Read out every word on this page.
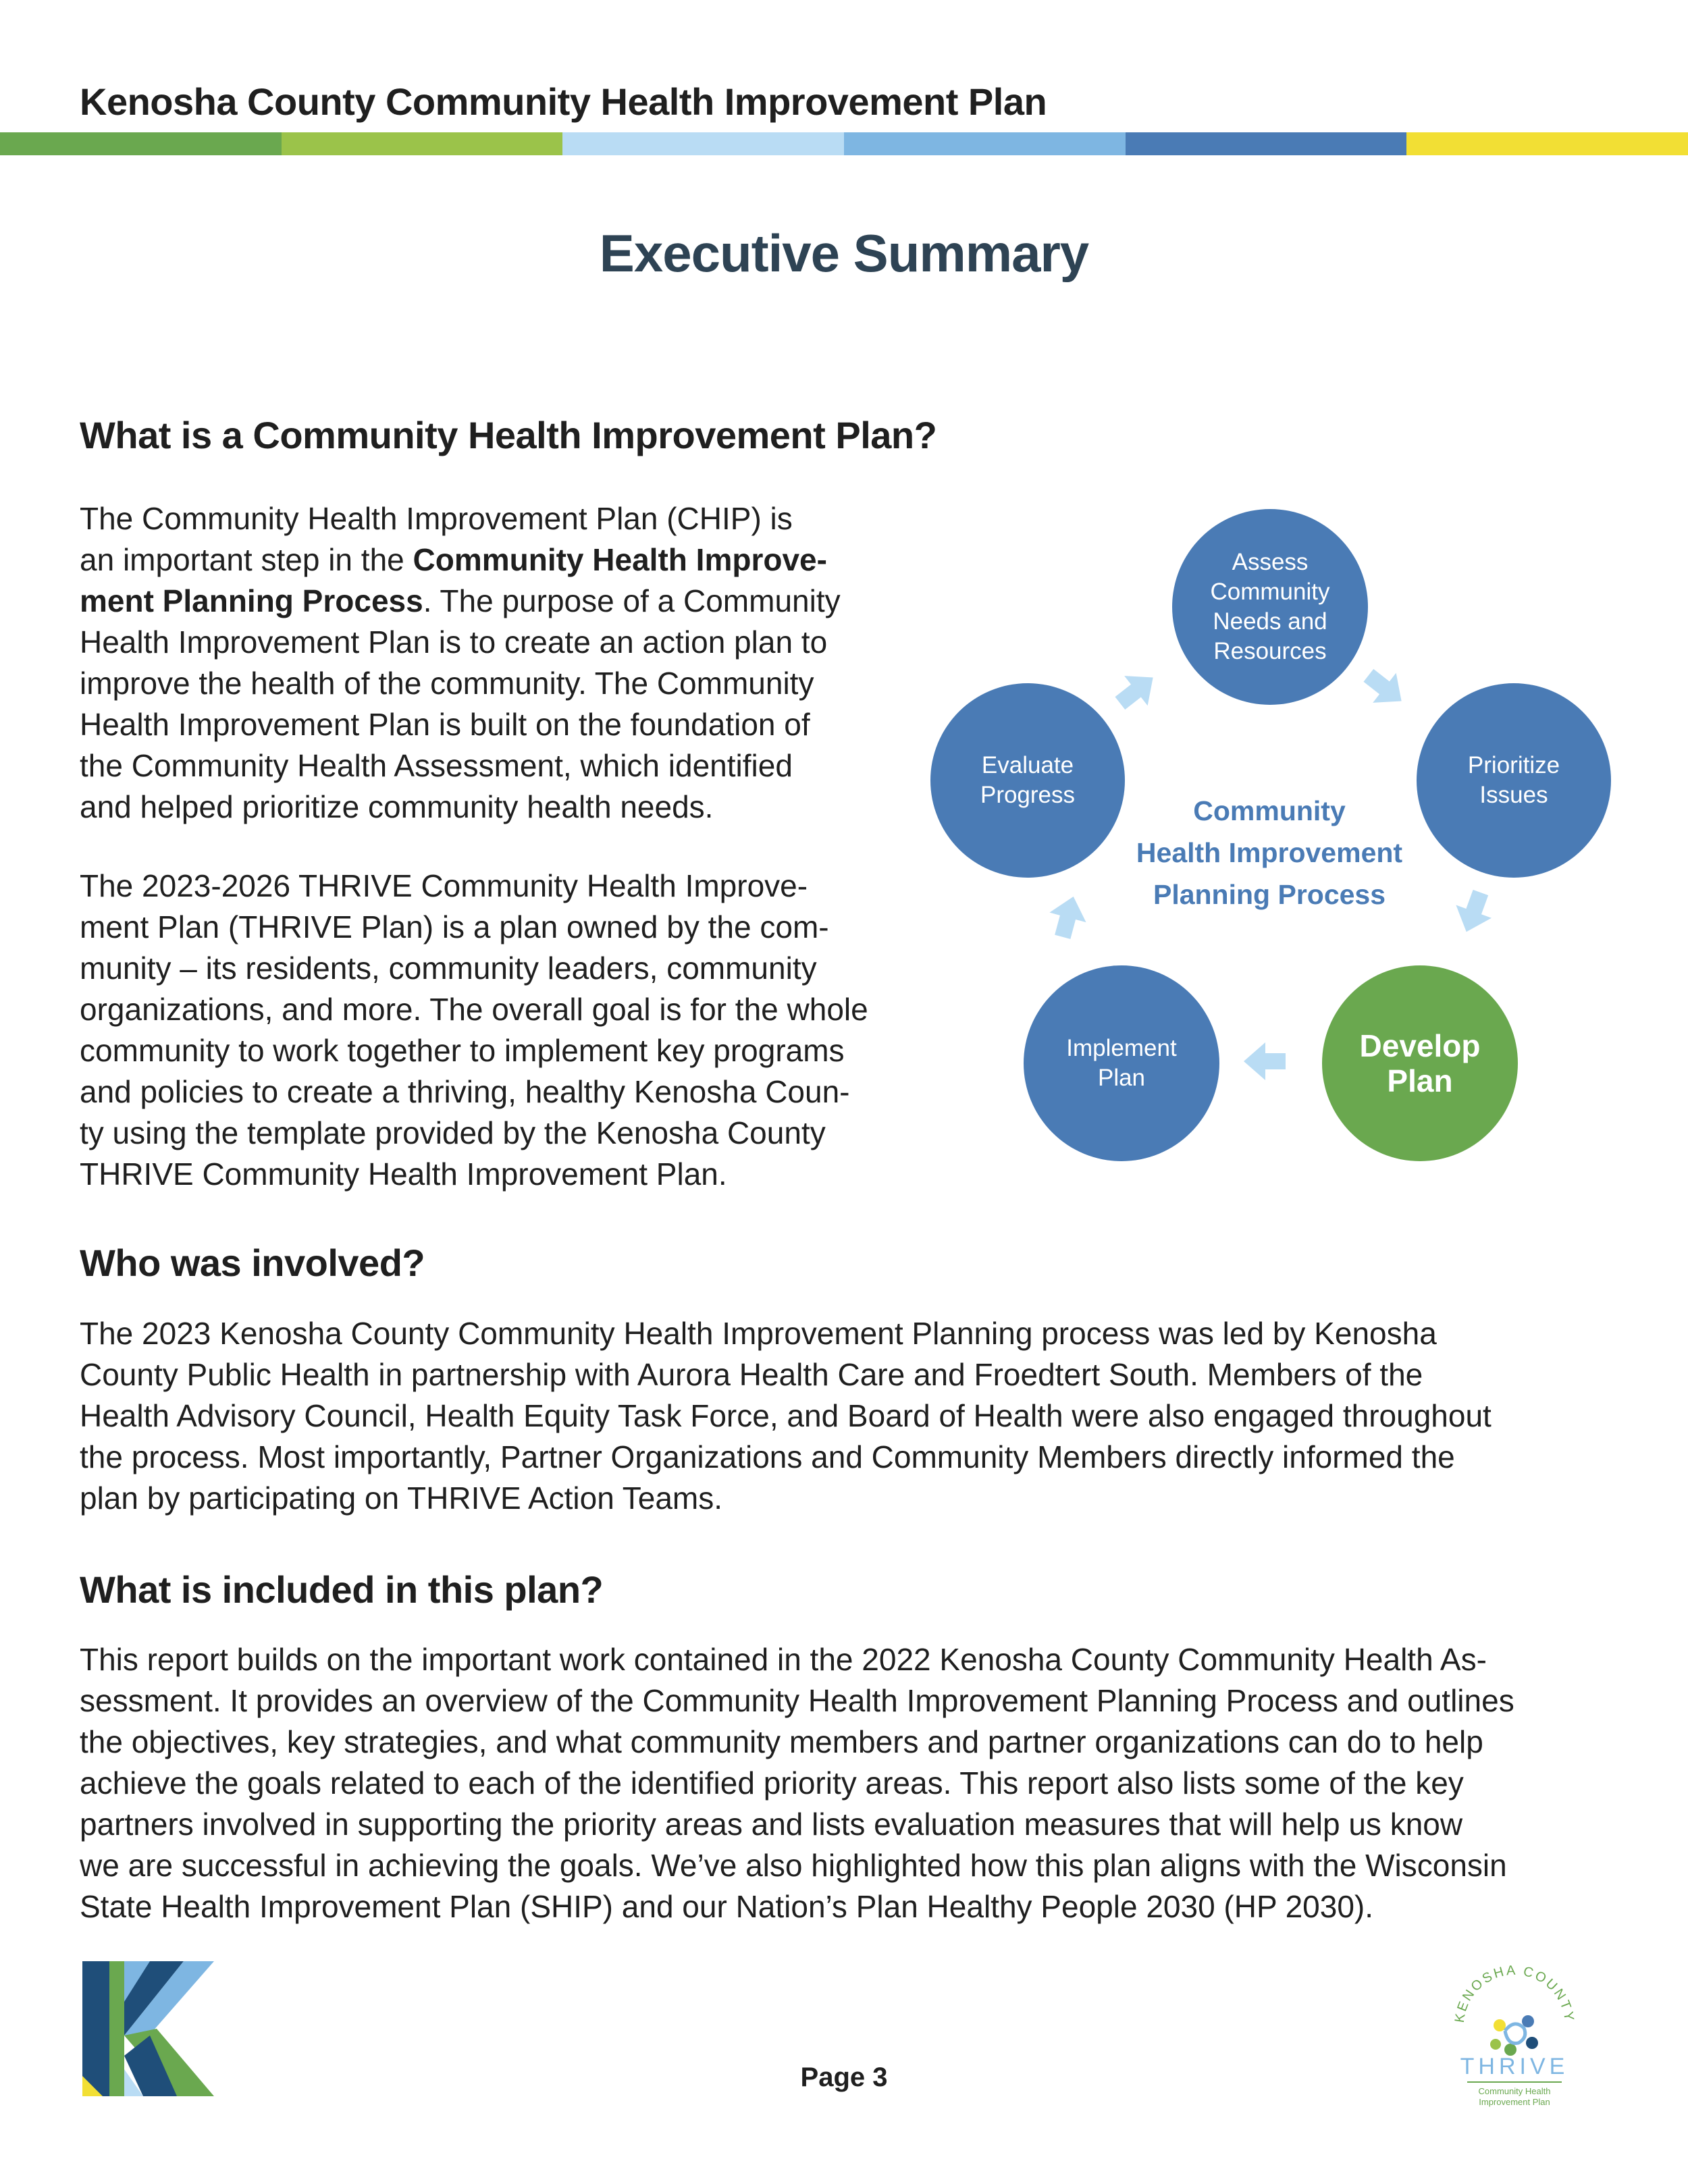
Kenosha County Community Health Improvement Plan
Executive Summary
What is a Community Health Improvement Plan?

The Community Health Improvement Plan (CHIP) is
an important step in the Community Health Improve-
ment Planning Process. The purpose of a Community
Health Improvement Plan is to create an action plan to
improve the health of the community. The Community
Health Improvement Plan is built on the foundation of
the Community Health Assessment, which identified
and helped prioritize community health needs.

The 2023-2026 THRIVE Community Health Improve-
ment Plan (THRIVE Plan) is a plan owned by the com-
munity – its residents, community leaders, community
organizations, and more. The overall goal is for the whole
community to work together to implement key programs
and policies to create a thriving, healthy Kenosha Coun-
ty using the template provided by the Kenosha County
THRIVE Community Health Improvement Plan.

Assess Community Needs and Resources
Prioritize Issues
Develop Plan
Implement Plan
Evaluate Progress
Community
Health Improvement
Planning Process
Who was involved?

The 2023 Kenosha County Community Health Improvement Planning process was led by Kenosha
County Public Health in partnership with Aurora Health Care and Froedtert South. Members of the
Health Advisory Council, Health Equity Task Force, and Board of Health were also engaged throughout
the process. Most importantly, Partner Organizations and Community Members directly informed the
plan by participating on THRIVE Action Teams.

What is included in this plan?

This report builds on the important work contained in the 2022 Kenosha County Community Health As-
sessment. It provides an overview of the Community Health Improvement Planning Process and outlines
the objectives, key strategies, and what community members and partner organizations can do to help
achieve the goals related to each of the identified priority areas. This report also lists some of the key
partners involved in supporting the priority areas and lists evaluation measures that will help us know
we are successful in achieving the goals. We’ve also highlighted how this plan aligns with the Wisconsin
State Health Improvement Plan (SHIP) and our Nation’s Plan Healthy People 2030 (HP 2030).

Page 3
KENOSHA COUNTY
THRIVE
Community Health
Improvement Plan
